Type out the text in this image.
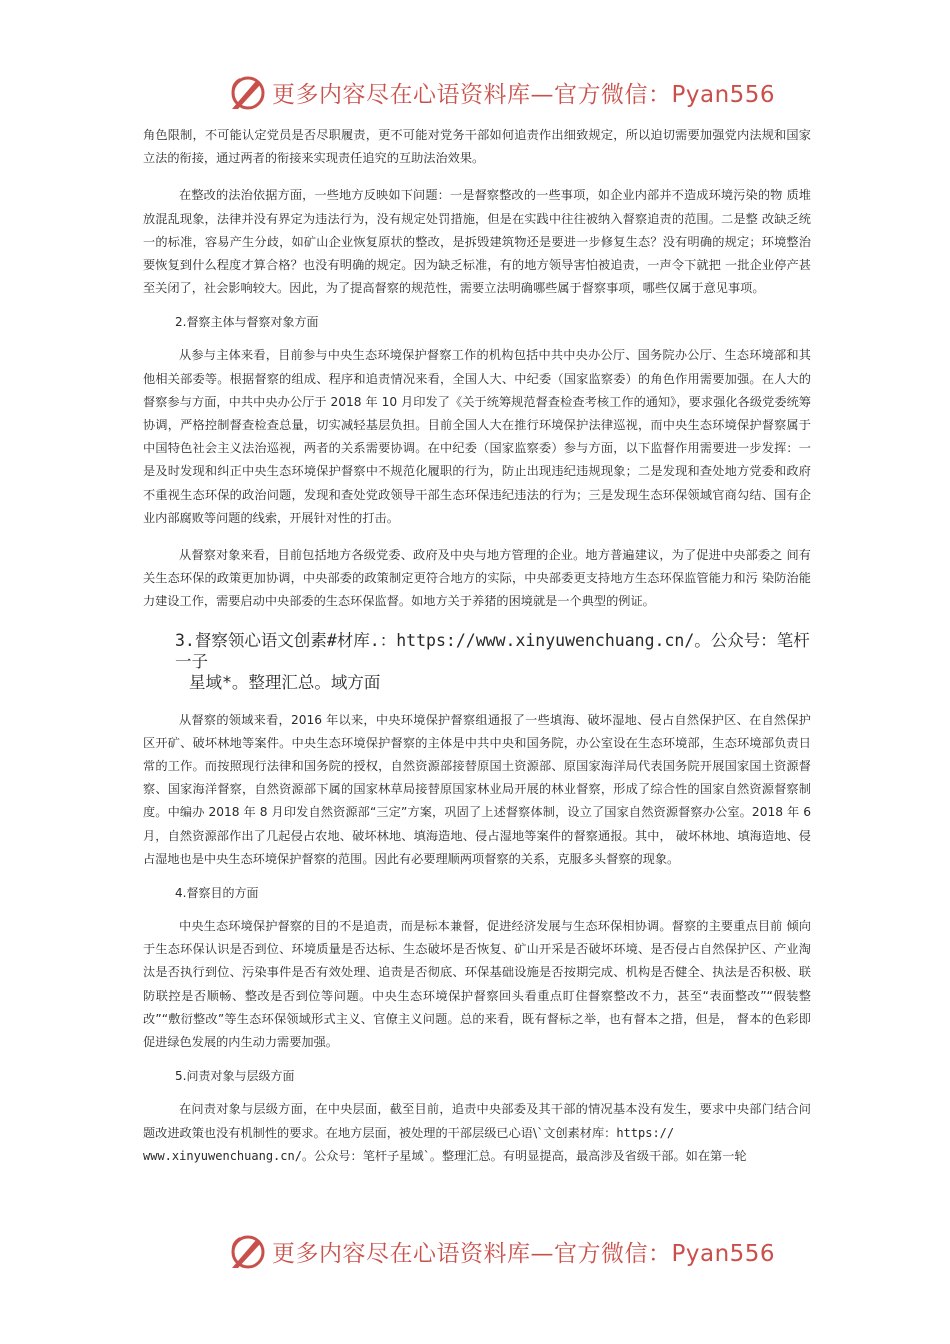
更多内容尽在心语资料库—官方微信：Pyan556

角色限制，不可能认定党员是否尽职履责，更不可能对党务干部如何追责作出细致规定，所以迫切需要加强党内法规和国家立法的衔接，通过两者的衔接来实现责任追究的互助法治效果。

在整改的法治依据方面，一些地方反映如下问题：一是督察整改的一些事项，如企业内部并不造成环境污染的物 质堆放混乱现象，法律并没有界定为违法行为，没有规定处罚措施，但是在实践中往往被纳入督察追责的范围。二是整 改缺乏统一的标准，容易产生分歧，如矿山企业恢复原状的整改，是拆毁建筑物还是要进一步修复生态？没有明确的规定；环境整治要恢复到什么程度才算合格？也没有明确的规定。因为缺乏标准，有的地方领导害怕被追责，一声令下就把 一批企业停产甚至关闭了，社会影响较大。因此，为了提高督察的规范性，需要立法明确哪些属于督察事项，哪些仅属于意见事项。

2.督察主体与督察对象方面

从参与主体来看，目前参与中央生态环境保护督察工作的机构包括中共中央办公厅、国务院办公厅、生态环境部和其他相关部委等。根据督察的组成、程序和追责情况来看，全国人大、中纪委（国家监察委）的角色作用需要加强。在人大的督察参与方面，中共中央办公厅于 2018 年 10 月印发了《关于统筹规范督查检查考核工作的通知》，要求强化各级党委统筹协调，严格控制督查检查总量，切实减轻基层负担。目前全国人大在推行环境保护法律巡视，而中央生态环境保护督察属于中国特色社会主义法治巡视，两者的关系需要协调。在中纪委（国家监察委）参与方面，以下监督作用需要进一步发挥：一是及时发现和纠正中央生态环境保护督察中不规范化履职的行为，防止出现违纪违规现象；二是发现和查处地方党委和政府不重视生态环保的政治问题，发现和查处党政领导干部生态环保违纪违法的行为；三是发现生态环保领域官商勾结、国有企业内部腐败等问题的线索，开展针对性的打击。

从督察对象来看，目前包括地方各级党委、政府及中央与地方管理的企业。地方普遍建议，为了促进中央部委之 间有关生态环保的政策更加协调，中央部委的政策制定更符合地方的实际，中央部委更支持地方生态环保监管能力和污 染防治能力建设工作，需要启动中央部委的生态环保监督。如地方关于养猪的困境就是一个典型的例证。

3.督察领心语文创素#材库.：https://www.xinyuwenchuang.cn/。公众号：笔杆一子
星域*。整理汇总。域方面

从督察的领域来看，2016 年以来，中央环境保护督察组通报了一些填海、破坏湿地、侵占自然保护区、在自然保护区开矿、破坏林地等案件。中央生态环境保护督察的主体是中共中央和国务院，办公室设在生态环境部，生态环境部负责日常的工作。而按照现行法律和国务院的授权，自然资源部接替原国土资源部、原国家海洋局代表国务院开展国家国土资源督察、国家海洋督察，自然资源部下属的国家林草局接替原国家林业局开展的林业督察，形成了综合性的国家自然资源督察制度。中编办 2018 年 8 月印发自然资源部“三定”方案，巩固了上述督察体制，设立了国家自然资源督察办公室。2018 年 6 月，自然资源部作出了几起侵占农地、破坏林地、填海造地、侵占湿地等案件的督察通报。其中， 破坏林地、填海造地、侵占湿地也是中央生态环境保护督察的范围。因此有必要理顺两项督察的关系，克服多头督察的现象。

4.督察目的方面

中央生态环境保护督察的目的不是追责，而是标本兼督，促进经济发展与生态环保相协调。督察的主要重点目前 倾向于生态环保认识是否到位、环境质量是否达标、生态破坏是否恢复、矿山开采是否破坏环境、是否侵占自然保护区、产业淘汰是否执行到位、污染事件是否有效处理、追责是否彻底、环保基础设施是否按期完成、机构是否健全、执法是否积极、联防联控是否顺畅、整改是否到位等问题。中央生态环境保护督察回头看重点盯住督察整改不力，甚至“表面整改”“假装整改”“敷衍整改”等生态环保领域形式主义、官僚主义问题。总的来看，既有督标之举，也有督本之措，但是， 督本的色彩即促进绿色发展的内生动力需要加强。

5.问责对象与层级方面

在问责对象与层级方面，在中央层面，截至目前，追责中央部委及其干部的情况基本没有发生，要求中央部门结合问题改进政策也没有机制性的要求。在地方层面，被处理的干部层级已心语\`文创素材库：https://
www.xinyuwenchuang.cn/。公众号：笔杆子星域`。整理汇总。有明显提高，最高涉及省级干部。如在第一轮

更多内容尽在心语资料库—官方微信：Pyan556
